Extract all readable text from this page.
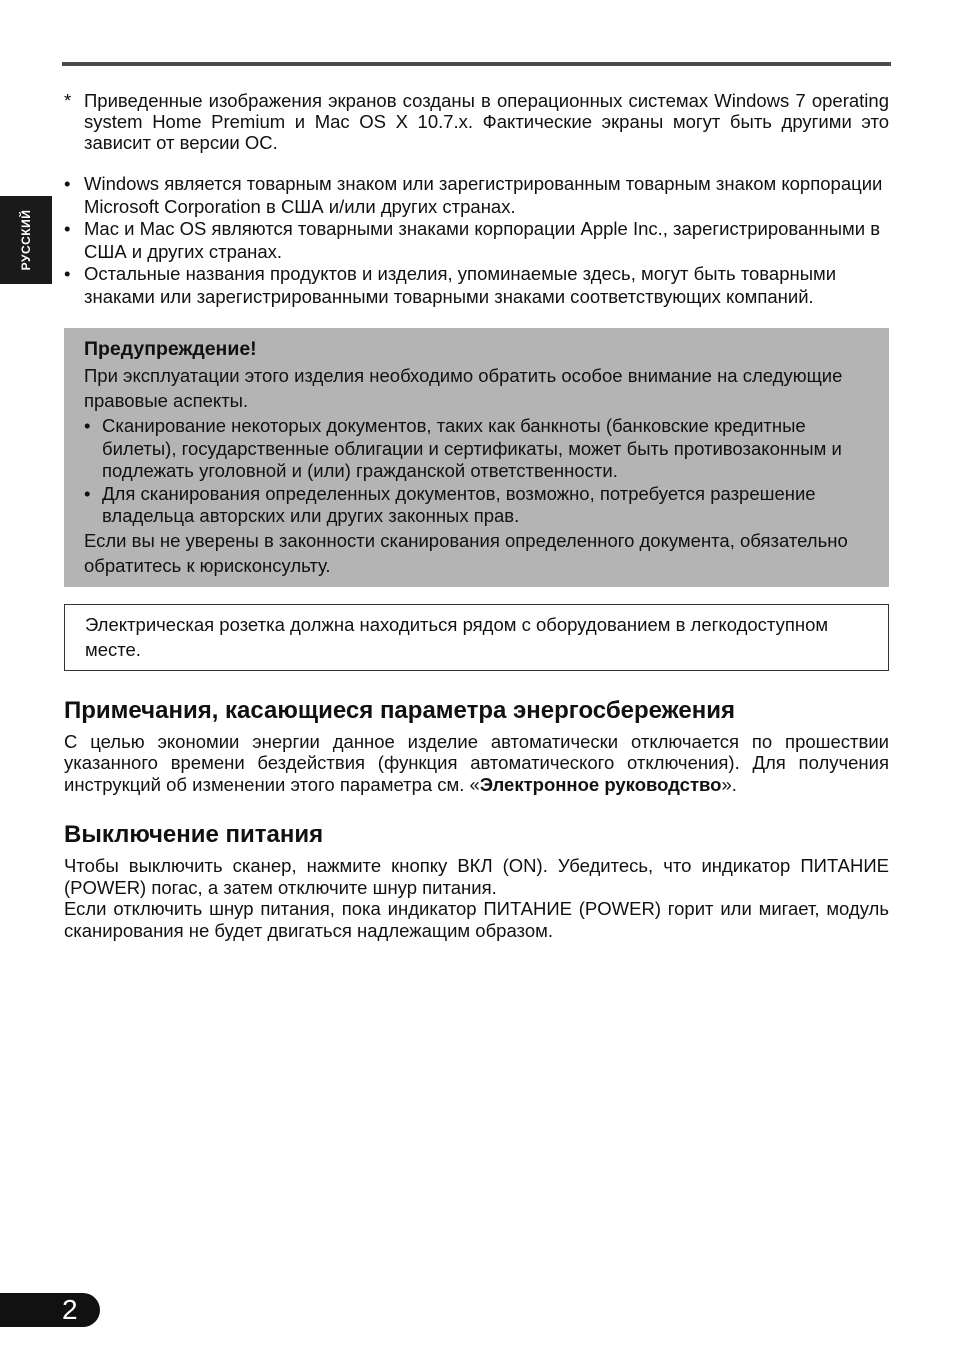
РУССКИЙ
* Приведенные изображения экранов созданы в операционных системах Windows 7 operating system Home Premium и Mac OS X 10.7.x. Фактические экраны могут быть другими это зависит от версии ОС.
• Windows является товарным знаком или зарегистрированным товарным знаком корпорации Microsoft Corporation в США и/или других странах.
• Mac и Mac OS являются товарными знаками корпорации Apple Inc., зарегистрированными в США и других странах.
• Остальные названия продуктов и изделия, упоминаемые здесь, могут быть товарными знаками или зарегистрированными товарными знаками соответствующих компаний.
Предупреждение!

При эксплуатации этого изделия необходимо обратить особое внимание на следующие правовые аспекты.

• Сканирование некоторых документов, таких как банкноты (банковские кредитные билеты), государственные облигации и сертификаты, может быть противозаконным и подлежать уголовной и (или) гражданской ответственности.
• Для сканирования определенных документов, возможно, потребуется разрешение владельца авторских или других законных прав.

Если вы не уверены в законности сканирования определенного документа, обязательно обратитесь к юрисконсульту.

Электрическая розетка должна находиться рядом с оборудованием в легкодоступном месте.
Примечания, касающиеся параметра энергосбережения

С целью экономии энергии данное изделие автоматически отключается по прошествии указанного времени бездействия (функция автоматического отключения). Для получения инструкций об изменении этого параметра см. «Электронное руководство».

Выключение питания

Чтобы выключить сканер, нажмите кнопку ВКЛ (ON). Убедитесь, что индикатор ПИТАНИЕ (POWER) погас, а затем отключите шнур питания.

Если отключить шнур питания, пока индикатор ПИТАНИЕ (POWER) горит или мигает, модуль сканирования не будет двигаться надлежащим образом.

2
